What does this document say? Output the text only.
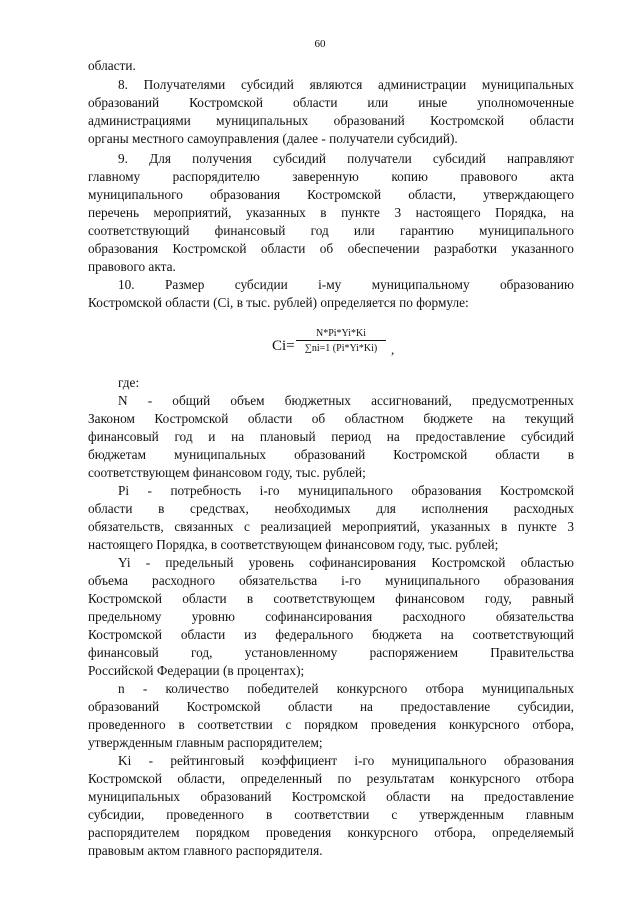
60
области.
8. Получателями субсидий являются администрации муниципальных
образований Костромской области или иные уполномоченные
администрациями муниципальных образований Костромской области
органы местного самоуправления (далее - получатели субсидий).
9. Для получения субсидий получатели субсидий направляют
главному распорядителю заверенную копию правового акта
муниципального образования Костромской области, утверждающего
перечень мероприятий, указанных в пункте 3 настоящего Порядка, на
соответствующий финансовый год или гарантию муниципального
образования Костромской области об обеспечении разработки указанного
правового акта.
10. Размер субсидии i-му муниципальному образованию
Костромской области (Ci, в тыс. рублей) определяется по формуле:
где:
N - общий объем бюджетных ассигнований, предусмотренных
Законом Костромской области об областном бюджете на текущий
финансовый год и на плановый период на предоставление субсидий
бюджетам муниципальных образований Костромской области в
соответствующем финансовом году, тыс. рублей;
Pi - потребность i-го муниципального образования Костромской
области в средствах, необходимых для исполнения расходных
обязательств, связанных с реализацией мероприятий, указанных в пункте 3
настоящего Порядка, в соответствующем финансовом году, тыс. рублей;
Yi - предельный уровень софинансирования Костромской областью
объема расходного обязательства i-го муниципального образования
Костромской области в соответствующем финансовом году, равный
предельному уровню софинансирования расходного обязательства
Костромской области из федерального бюджета на соответствующий
финансовый год, установленному распоряжением Правительства
Российской Федерации (в процентах);
n - количество победителей конкурсного отбора муниципальных
образований Костромской области на предоставление субсидии,
проведенного в соответствии с порядком проведения конкурсного отбора,
утвержденным главным распорядителем;
Ki - рейтинговый коэффициент i-го муниципального образования
Костромской области, определенный по результатам конкурсного отбора
муниципальных образований Костромской области на предоставление
субсидии, проведенного в соответствии с утвержденным главным
распорядителем порядком проведения конкурсного отбора, определяемый
правовым актом главного распорядителя.
$Ci= \frac{N*Pi*Yi*Ki}{\sum ni=1 (Pi*Yi*Ki)}$ ,
